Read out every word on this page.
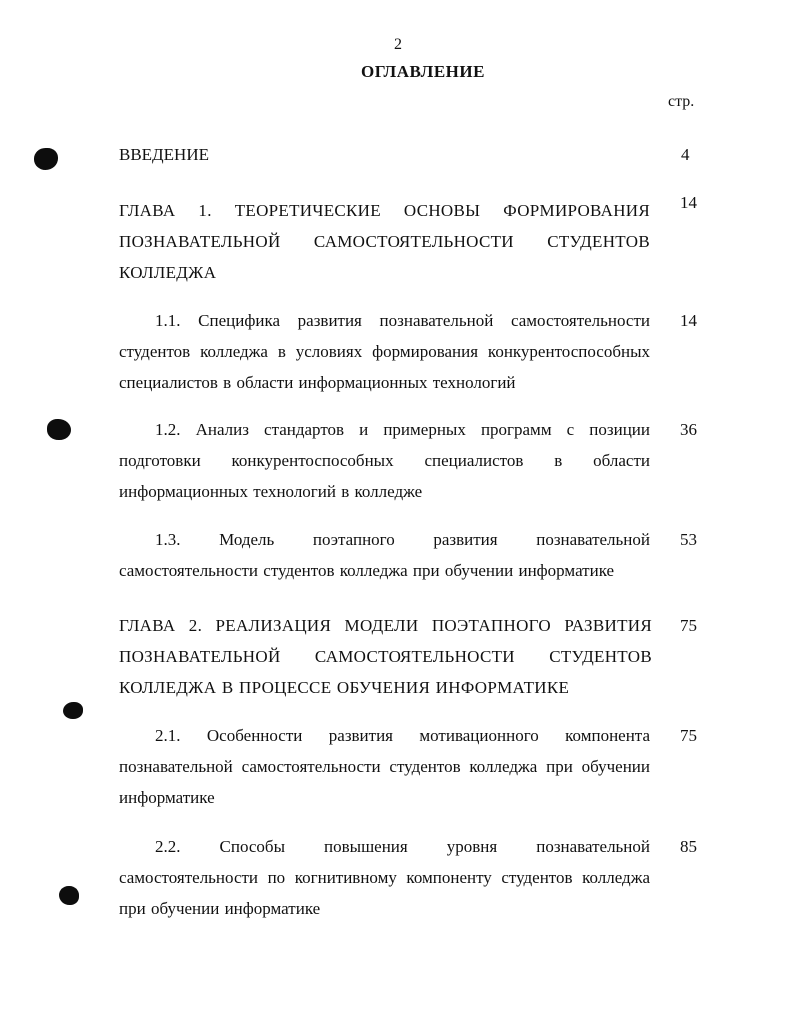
2
ОГЛАВЛЕНИЕ
стр.
ВВЕДЕНИЕ	4
ГЛАВА 1. ТЕОРЕТИЧЕСКИЕ ОСНОВЫ ФОРМИРОВАНИЯ ПОЗНАВАТЕЛЬНОЙ САМОСТОЯТЕЛЬНОСТИ СТУДЕНТОВ КОЛЛЕДЖА
14
1.1. Специфика развития познавательной самостоятельности студентов колледжа в условиях формирования конкурентоспособных специалистов в области информационных технологий
14
1.2. Анализ стандартов и примерных программ с позиции подготовки конкурентоспособных специалистов в области информационных технологий в колледже
36
1.3. Модель поэтапного развития познавательной самостоятельности студентов колледжа при обучении информатике
53
ГЛАВА 2. РЕАЛИЗАЦИЯ МОДЕЛИ ПОЭТАПНОГО РАЗВИТИЯ ПОЗНАВАТЕЛЬНОЙ САМОСТОЯТЕЛЬНОСТИ СТУДЕНТОВ КОЛЛЕДЖА В ПРОЦЕССЕ ОБУЧЕНИЯ ИНФОРМАТИКЕ
75
2.1. Особенности развития мотивационного компонента познавательной самостоятельности студентов колледжа при обучении информатике
75
2.2. Способы повышения уровня познавательной самостоятельности по когнитивному компоненту студентов колледжа при обучении информатике
85
